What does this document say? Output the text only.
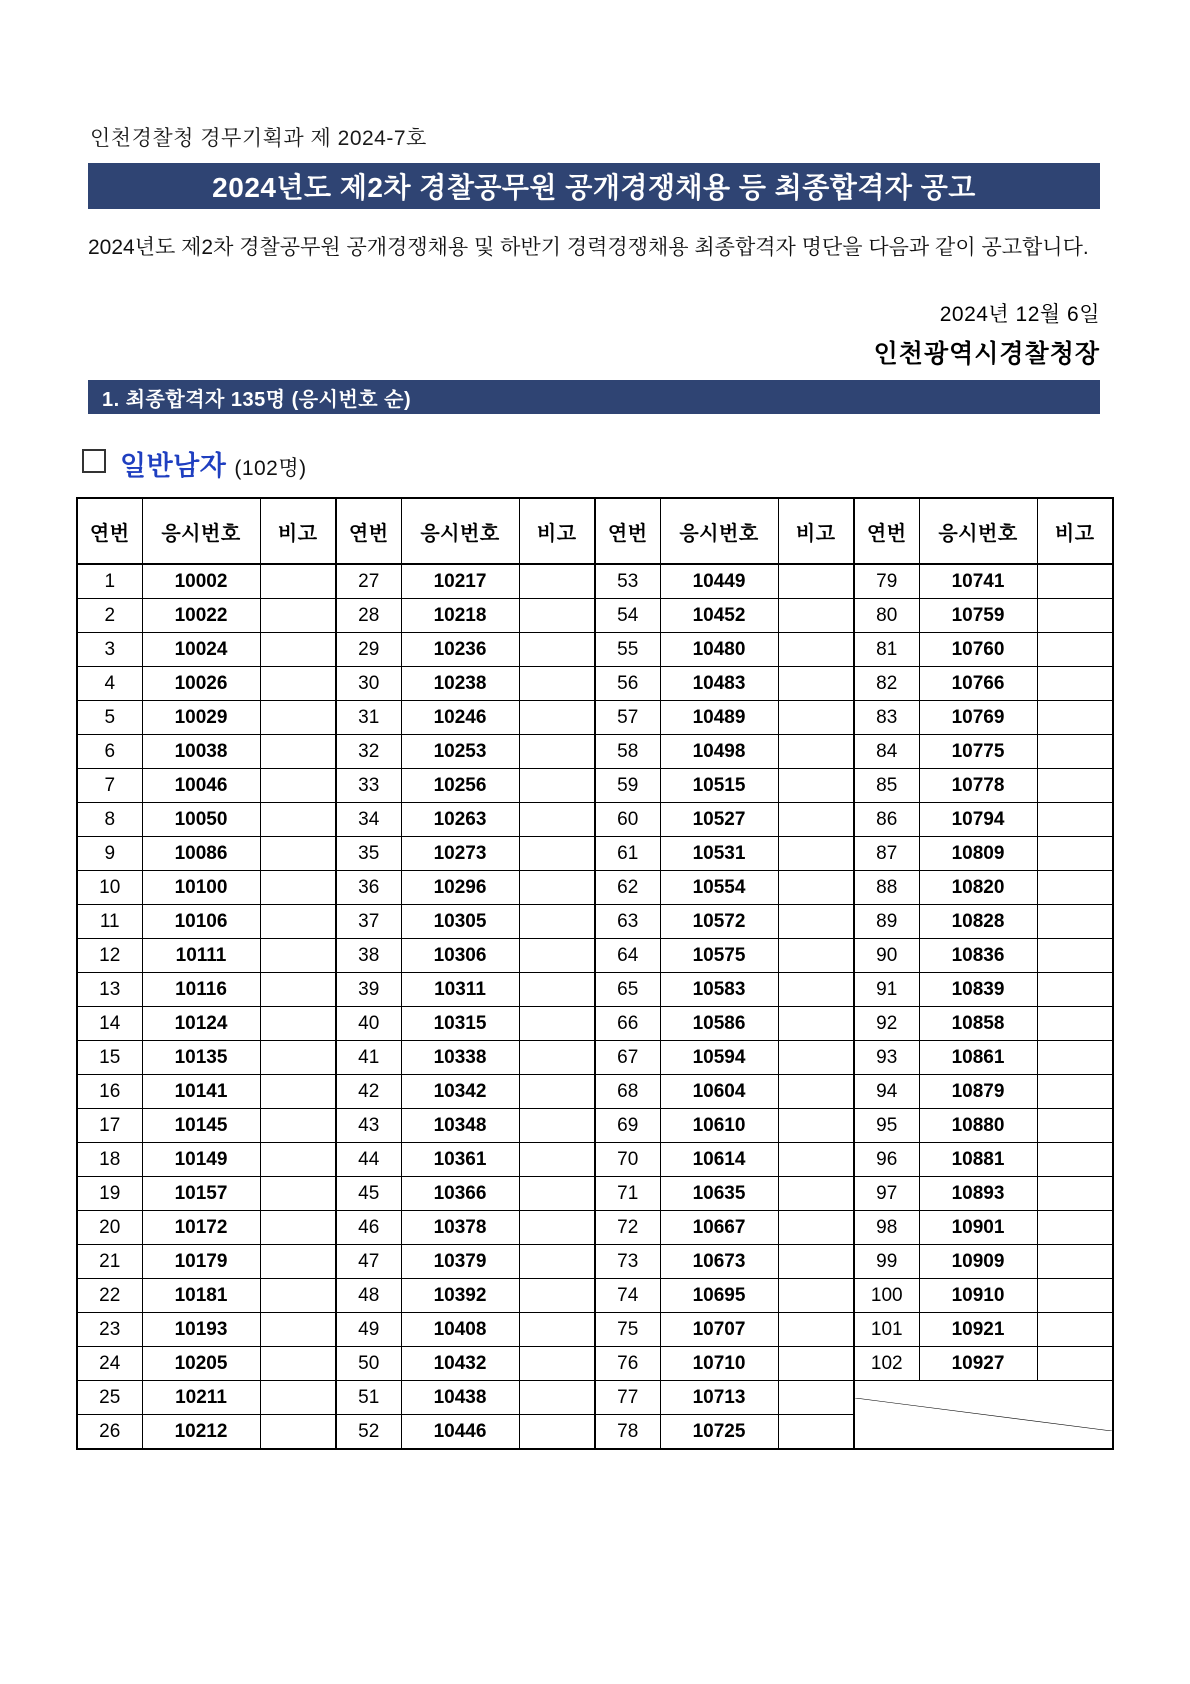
인천경찰청 경무기획과 제 2024-7호
2024년도 제2차 경찰공무원 공개경쟁채용 등 최종합격자 공고
2024년도 제2차 경찰공무원 공개경쟁채용 및 하반기 경력경쟁채용 최종합격자 명단을 다음과 같이 공고합니다.
2024년 12월 6일
인천광역시경찰청장
1. 최종합격자 135명 (응시번호 순)
일반남자 (102명)
연번	응시번호	비고	연번	응시번호	비고	연번	응시번호	비고	연번	응시번호	비고
1	10002		27	10217		53	10449		79	10741	
2	10022		28	10218		54	10452		80	10759	
3	10024		29	10236		55	10480		81	10760	
4	10026		30	10238		56	10483		82	10766	
5	10029		31	10246		57	10489		83	10769	
6	10038		32	10253		58	10498		84	10775	
7	10046		33	10256		59	10515		85	10778	
8	10050		34	10263		60	10527		86	10794	
9	10086		35	10273		61	10531		87	10809	
10	10100		36	10296		62	10554		88	10820	
11	10106		37	10305		63	10572		89	10828	
12	10111		38	10306		64	10575		90	10836	
13	10116		39	10311		65	10583		91	10839	
14	10124		40	10315		66	10586		92	10858	
15	10135		41	10338		67	10594		93	10861	
16	10141		42	10342		68	10604		94	10879	
17	10145		43	10348		69	10610		95	10880	
18	10149		44	10361		70	10614		96	10881	
19	10157		45	10366		71	10635		97	10893	
20	10172		46	10378		72	10667		98	10901	
21	10179		47	10379		73	10673		99	10909	
22	10181		48	10392		74	10695		100	10910	
23	10193		49	10408		75	10707		101	10921	
24	10205		50	10432		76	10710		102	10927	
25	10211		51	10438		77	10713		

26	10212		52	10446		78	10725				
